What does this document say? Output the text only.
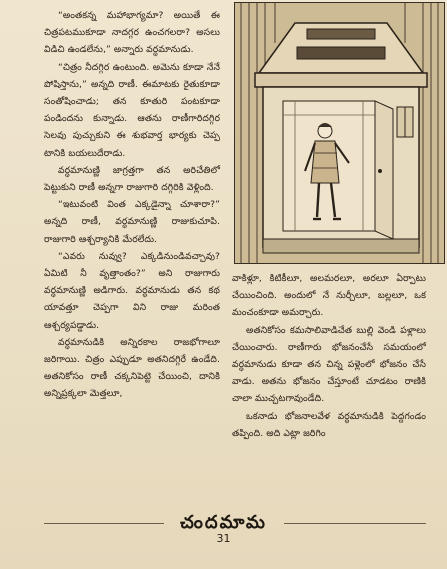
“అంతకన్న మహాభాగ్యమా? అయితే ఈ చిత్రపటముకూడా నాదగ్గర ఉంచగలరా? అసలు విడిచి ఉండలేను,” అన్నారు వర్ధమానుడు.

“చిత్రం నీదగ్గిర ఉంటుంది. అమెను కూడా నేనే పోషిస్తాను,” అన్నది రాణీ. ఈమాటకు రైతుకూడా సంతోషించాడు; తన కూతురి పంటకూడా పండిందను కున్నాడు. ఆతను రాణీగారిదగ్గిర సెలవు పుచ్చుకుని ఈ శుభవార్త భార్యకు చెప్ప టానికి బయలుదేరాడు.

వర్ధమానుణ్ణి జాగ్రత్తగా తన అరిచేతిలో పెట్టుకుని రాణీ అన్నగా రాజుగారి దగ్గిరికి వెళ్లింది.

“ఇటువంటి వింత ఎక్కడైన్నా చూశారా?” అన్నది రాణీ, వర్ధమానుణ్ణి రాజుకుచూపి. రాజుగారి ఆశ్చర్యానికి మేరలేదు.

“ఎవరు నువ్వు? ఎక్కడినుండివచ్చావు? ఏమిటి నీ వృత్తాంతం?” అని రాజుగారు వర్ధమానుణ్ణి అడిగారు. వర్ధమానుడు తన కథ యావత్తూ చెప్పగా విని రాజు మరింత ఆశ్చర్యపడ్డాడు.

వర్ధమానుడికి అన్నిరకాల రాజభోగాలూ జరిగాయి. చిత్రం ఎప్పుడూ అతనిదగ్గిరే ఉండేది. అతనికోసం రాణీ చక్కనిపెట్టె చేయించి, దానికి అన్నిప్రక్కలా మెత్తలూ,

వాకిళ్లూ, కిటికీలూ, అలమరలూ, అరలూ ఏర్పాటు చేయించింది. అందులో నే నుర్చీలూ, బల్లలూ, ఒక మంచంకూడా అమర్చారు.

అతనికోసం కమసాలివాడిచేత బుల్లి వెండి పళ్లాలు చేయించారు. రాణీగారు భోజనంచేసే సమయంలో వర్ధమానుడు కూడా తన చిన్న పళ్లెంలో భోజనం చేసే వాడు. అతను భోజనం చేస్తూంటే చూడటం రాణికి చాలా ముచ్చటగావుండేది.

ఒకనాడు భోజనాలవేళ వర్ధమానుడికి పెద్దగండం తప్పింది. అది ఎట్లా జరిగిం

చందమామ
31
